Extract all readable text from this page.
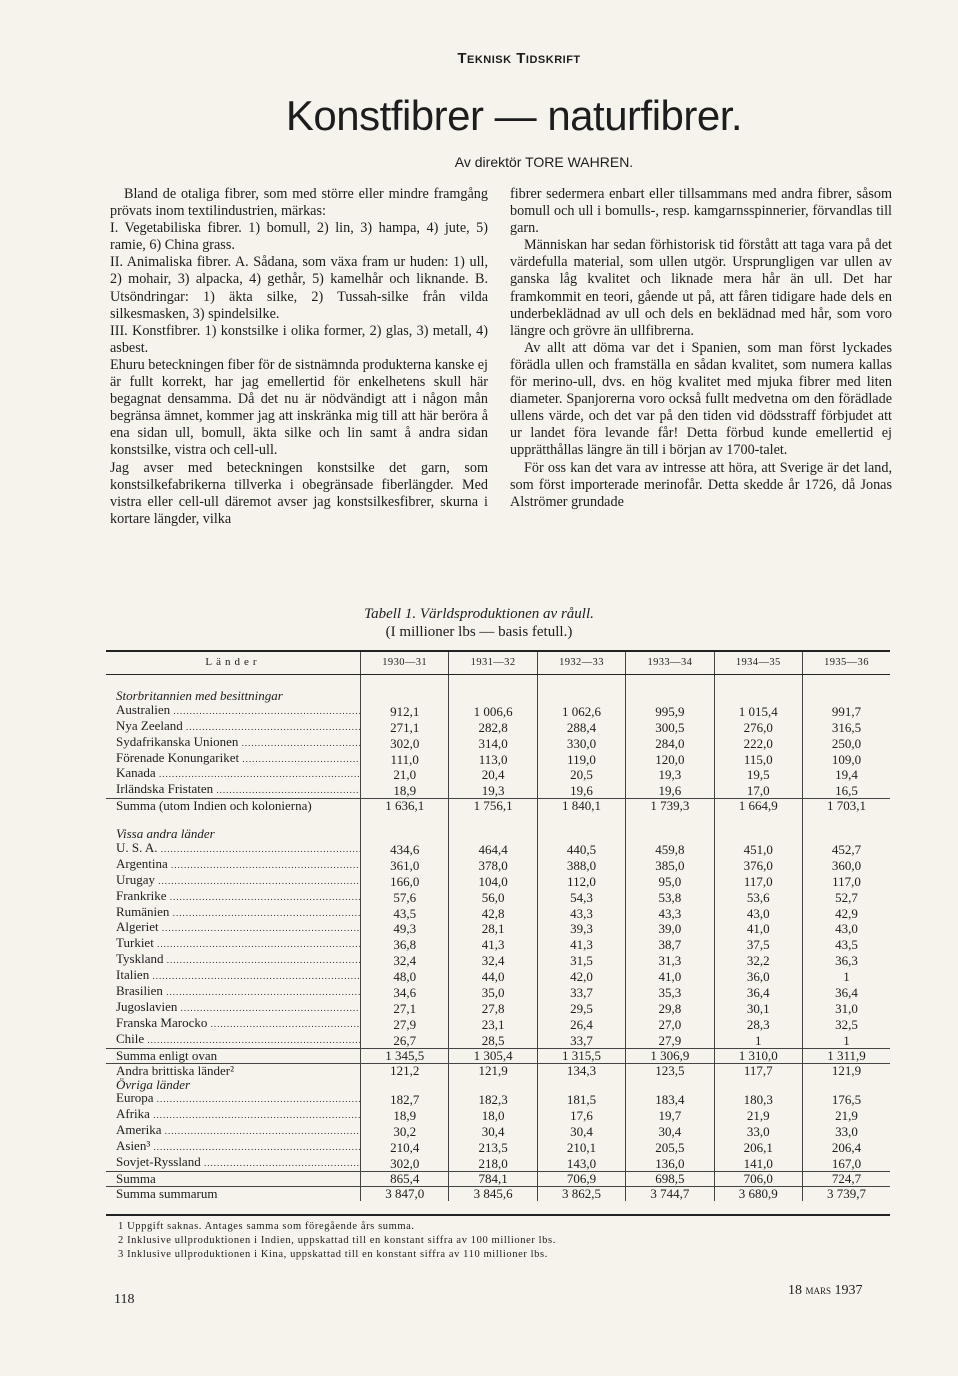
Teknisk Tidskrift
Konstfibrer — naturfibrer.
Av direktör TORE WAHREN.

Bland de otaliga fibrer, som med större eller mindre framgång prövats inom textilindustrien, märkas:

I. Vegetabiliska fibrer. 1) bomull, 2) lin, 3) hampa, 4) jute, 5) ramie, 6) China grass.

II. Animaliska fibrer. A. Sådana, som växa fram ur huden: 1) ull, 2) mohair, 3) alpacka, 4) gethår, 5) kamelhår och liknande. B. Utsöndringar: 1) äkta silke, 2) Tussah-silke från vilda silkesmasken, 3) spindelsilke.

III. Konstfibrer. 1) konstsilke i olika former, 2) glas, 3) metall, 4) asbest.

Ehuru beteckningen fiber för de sistnämnda produkterna kanske ej är fullt korrekt, har jag emellertid för enkelhetens skull här begagnat densamma. Då det nu är nödvändigt att i någon mån begränsa ämnet, kommer jag att inskränka mig till att här beröra å ena sidan ull, bomull, äkta silke och lin samt å andra sidan konstsilke, vistra och cell-ull.

Jag avser med beteckningen konstsilke det garn, som konstsilkefabrikerna tillverka i obegränsade fiberlängder. Med vistra eller cell-ull däremot avser jag konstsilkesfibrer, skurna i kortare längder, vilka

fibrer sedermera enbart eller tillsammans med andra fibrer, såsom bomull och ull i bomulls-, resp. kamgarnsspinnerier, förvandlas till garn.

Människan har sedan förhistorisk tid förstått att taga vara på det värdefulla material, som ullen utgör. Ursprungligen var ullen av ganska låg kvalitet och liknade mera hår än ull. Det har framkommit en teori, gående ut på, att fåren tidigare hade dels en underbeklädnad av ull och dels en beklädnad med hår, som voro längre och grövre än ullfibrerna.

Av allt att döma var det i Spanien, som man först lyckades förädla ullen och framställa en sådan kvalitet, som numera kallas för merino-ull, dvs. en hög kvalitet med mjuka fibrer med liten diameter. Spanjorerna voro också fullt medvetna om den förädlade ullens värde, och det var på den tiden vid dödsstraff förbjudet att ur landet föra levande får! Detta förbud kunde emellertid ej upprätthållas längre än till i början av 1700-talet.

För oss kan det vara av intresse att höra, att Sverige är det land, som först importerade merinofår. Detta skedde år 1726, då Jonas Alströmer grundade

Tabell 1. Världsproduktionen av råull.
(I millioner lbs — basis fetull.)
Länder	1930—31	1931—32	1932—33	1933—34	1934—35	1935—36

Storbritannien med besittningar						
Australien .....	912,1	1 006,6	1 062,6	995,9	1 015,4	991,7
Nya Zeeland .....	271,1	282,8	288,4	300,5	276,0	316,5
Sydafrikanska Unionen .....	302,0	314,0	330,0	284,0	222,0	250,0
Förenade Konungariket .....	111,0	113,0	119,0	120,0	115,0	109,0
Kanada .....	21,0	20,4	20,5	19,3	19,5	19,4
Irländska Fristaten .....	18,9	19,3	19,6	19,6	17,0	16,5
Summa (utom Indien och kolonierna)	1 636,1	1 756,1	1 840,1	1 739,3	1 664,9	1 703,1

Vissa andra länder						
U. S. A. .....	434,6	464,4	440,5	459,8	451,0	452,7
Argentina .....	361,0	378,0	388,0	385,0	376,0	360,0
Urugay .....	166,0	104,0	112,0	95,0	117,0	117,0
Frankrike .....	57,6	56,0	54,3	53,8	53,6	52,7
Rumänien .....	43,5	42,8	43,3	43,3	43,0	42,9
Algeriet .....	49,3	28,1	39,3	39,0	41,0	43,0
Turkiet .....	36,8	41,3	41,3	38,7	37,5	43,5
Tyskland .....	32,4	32,4	31,5	31,3	32,2	36,3
Italien .....	48,0	44,0	42,0	41,0	36,0	1
Brasilien .....	34,6	35,0	33,7	35,3	36,4	36,4
Jugoslavien .....	27,1	27,8	29,5	29,8	30,1	31,0
Franska Marocko .....	27,9	23,1	26,4	27,0	28,3	32,5
Chile .....	26,7	28,5	33,7	27,9	1	1
Summa enligt ovan	1 345,5	1 305,4	1 315,5	1 306,9	1 310,0	1 311,9
Andra brittiska länder²	121,2	121,9	134,3	123,5	117,7	121,9
Övriga länder						
Europa .....	182,7	182,3	181,5	183,4	180,3	176,5
Afrika .....	18,9	18,0	17,6	19,7	21,9	21,9
Amerika .....	30,2	30,4	30,4	30,4	33,0	33,0
Asien³ .....	210,4	213,5	210,1	205,5	206,1	206,4
Sovjet-Ryssland .....	302,0	218,0	143,0	136,0	141,0	167,0
Summa	865,4	784,1	706,9	698,5	706,0	724,7
Summa summarum	3 847,0	3 845,6	3 862,5	3 744,7	3 680,9	3 739,7
1 Uppgift saknas. Antages samma som föregående års summa.
2 Inklusive ullproduktionen i Indien, uppskattad till en konstant siffra av 100 millioner lbs.
3 Inklusive ullproduktionen i Kina, uppskattad till en konstant siffra av 110 millioner lbs.
118
18 mars 1937
